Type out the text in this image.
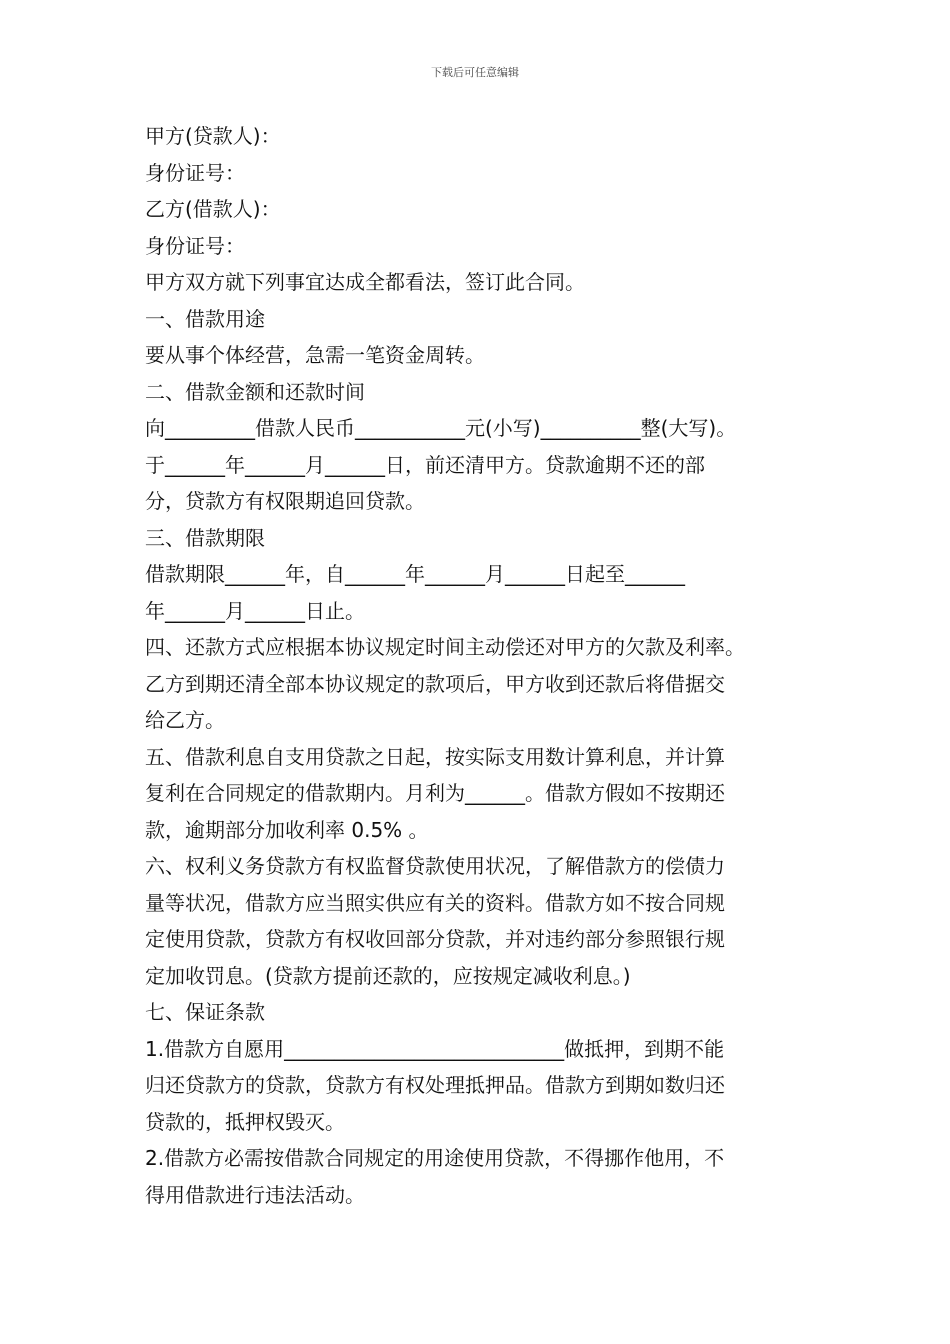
下载后可任意编辑
甲方(贷款人)：
身份证号：
乙方(借款人)：
身份证号：
甲方双方就下列事宜达成全都看法，签订此合同。
一、借款用途
要从事个体经营，急需一笔资金周转。
二、借款金额和还款时间
向_________借款人民币___________元(小写)__________整(大写)。
于______年______月______日，前还清甲方。贷款逾期不还的部
分，贷款方有权限期追回贷款。
三、借款期限
借款期限______年，自______年______月______日起至______
年______月______日止。
四、还款方式应根据本协议规定时间主动偿还对甲方的欠款及利率。
乙方到期还清全部本协议规定的款项后，甲方收到还款后将借据交
给乙方。
五、借款利息自支用贷款之日起，按实际支用数计算利息，并计算
复利在合同规定的借款期内。月利为______。借款方假如不按期还
款，逾期部分加收利率 0.5% 。
六、权利义务贷款方有权监督贷款使用状况，了解借款方的偿债力
量等状况，借款方应当照实供应有关的资料。借款方如不按合同规
定使用贷款，贷款方有权收回部分贷款，并对违约部分参照银行规
定加收罚息。(贷款方提前还款的，应按规定减收利息。)
七、保证条款
1.借款方自愿用____________________________做抵押，到期不能
归还贷款方的贷款，贷款方有权处理抵押品。借款方到期如数归还
贷款的，抵押权毁灭。
2.借款方必需按借款合同规定的用途使用贷款，不得挪作他用，不
得用借款进行违法活动。
